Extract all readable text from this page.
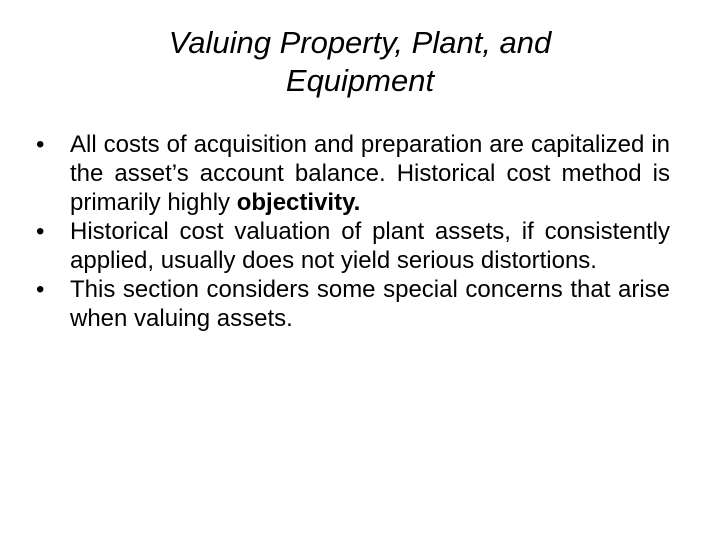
Valuing Property, Plant, and
Equipment
•	All costs of acquisition and preparation are capitalized in the asset’s account balance. Historical cost method is primarily highly objectivity.
•	Historical cost valuation of plant assets, if consistently applied, usually does not yield serious distortions.
•	This section considers some special concerns that arise when valuing assets.
